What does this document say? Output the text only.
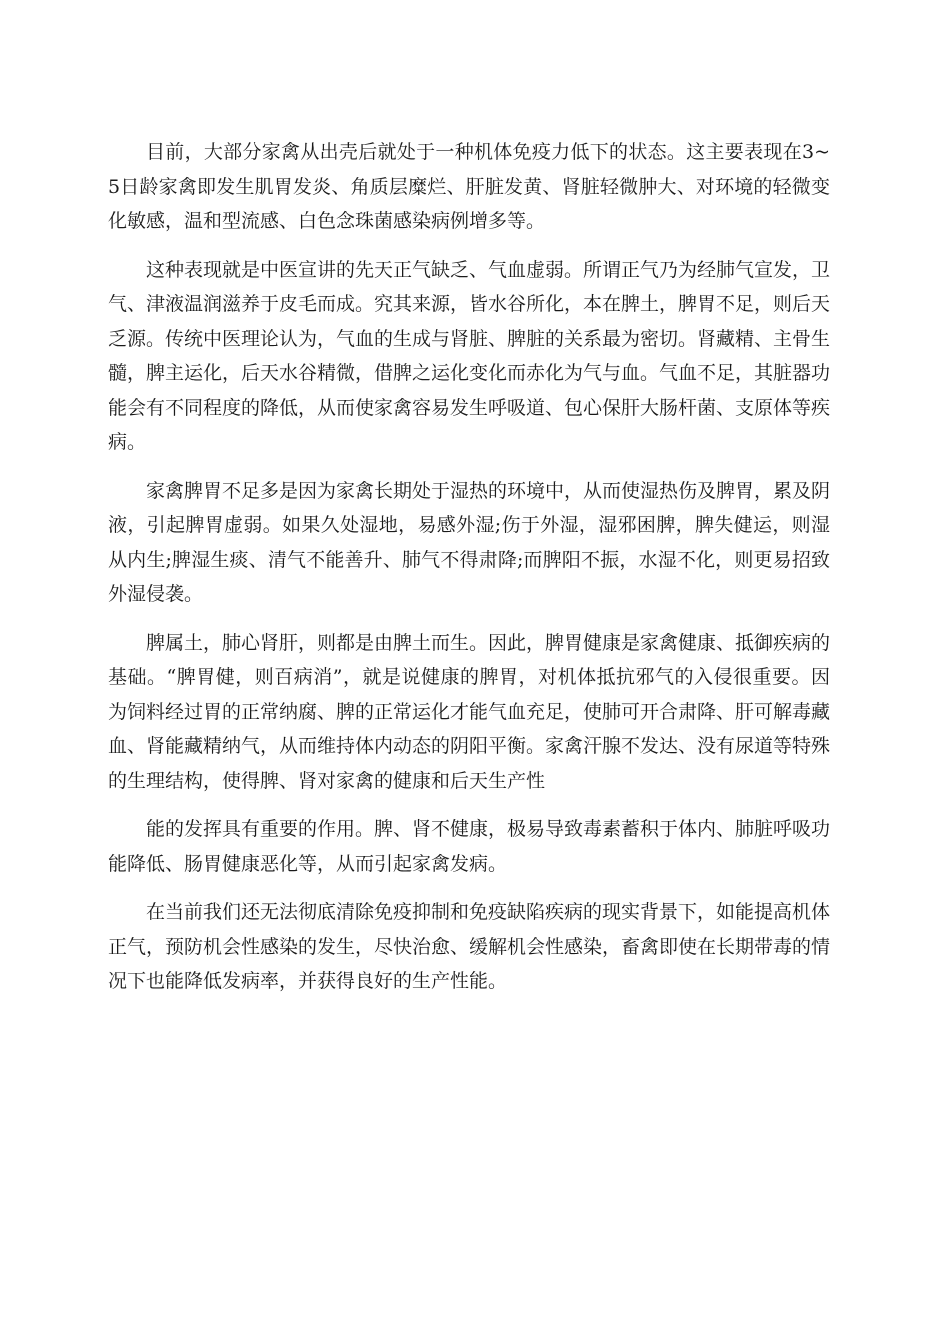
目前，大部分家禽从出壳后就处于一种机体免疫力低下的状态。这主要表现在3~5日龄家禽即发生肌胃发炎、角质层糜烂、肝脏发黄、肾脏轻微肿大、对环境的轻微变化敏感，温和型流感、白色念珠菌感染病例增多等。

这种表现就是中医宣讲的先天正气缺乏、气血虚弱。所谓正气乃为经肺气宣发，卫气、津液温润滋养于皮毛而成。究其来源，皆水谷所化，本在脾土，脾胃不足，则后天乏源。传统中医理论认为，气血的生成与肾脏、脾脏的关系最为密切。肾藏精、主骨生髓，脾主运化，后天水谷精微，借脾之运化变化而赤化为气与血。气血不足，其脏器功能会有不同程度的降低，从而使家禽容易发生呼吸道、包心保肝大肠杆菌、支原体等疾病。

家禽脾胃不足多是因为家禽长期处于湿热的环境中，从而使湿热伤及脾胃，累及阴液，引起脾胃虚弱。如果久处湿地，易感外湿;伤于外湿，湿邪困脾，脾失健运，则湿从内生;脾湿生痰、清气不能善升、肺气不得肃降;而脾阳不振，水湿不化，则更易招致外湿侵袭。

脾属土，肺心肾肝，则都是由脾土而生。因此，脾胃健康是家禽健康、抵御疾病的基础。“脾胃健，则百病消”，就是说健康的脾胃，对机体抵抗邪气的入侵很重要。因为饲料经过胃的正常纳腐、脾的正常运化才能气血充足，使肺可开合肃降、肝可解毒藏血、肾能藏精纳气，从而维持体内动态的阴阳平衡。家禽汗腺不发达、没有尿道等特殊的生理结构，使得脾、肾对家禽的健康和后天生产性

能的发挥具有重要的作用。脾、肾不健康，极易导致毒素蓄积于体内、肺脏呼吸功能降低、肠胃健康恶化等，从而引起家禽发病。

在当前我们还无法彻底清除免疫抑制和免疫缺陷疾病的现实背景下，如能提高机体正气，预防机会性感染的发生，尽快治愈、缓解机会性感染，畜禽即使在长期带毒的情况下也能降低发病率，并获得良好的生产性能。
